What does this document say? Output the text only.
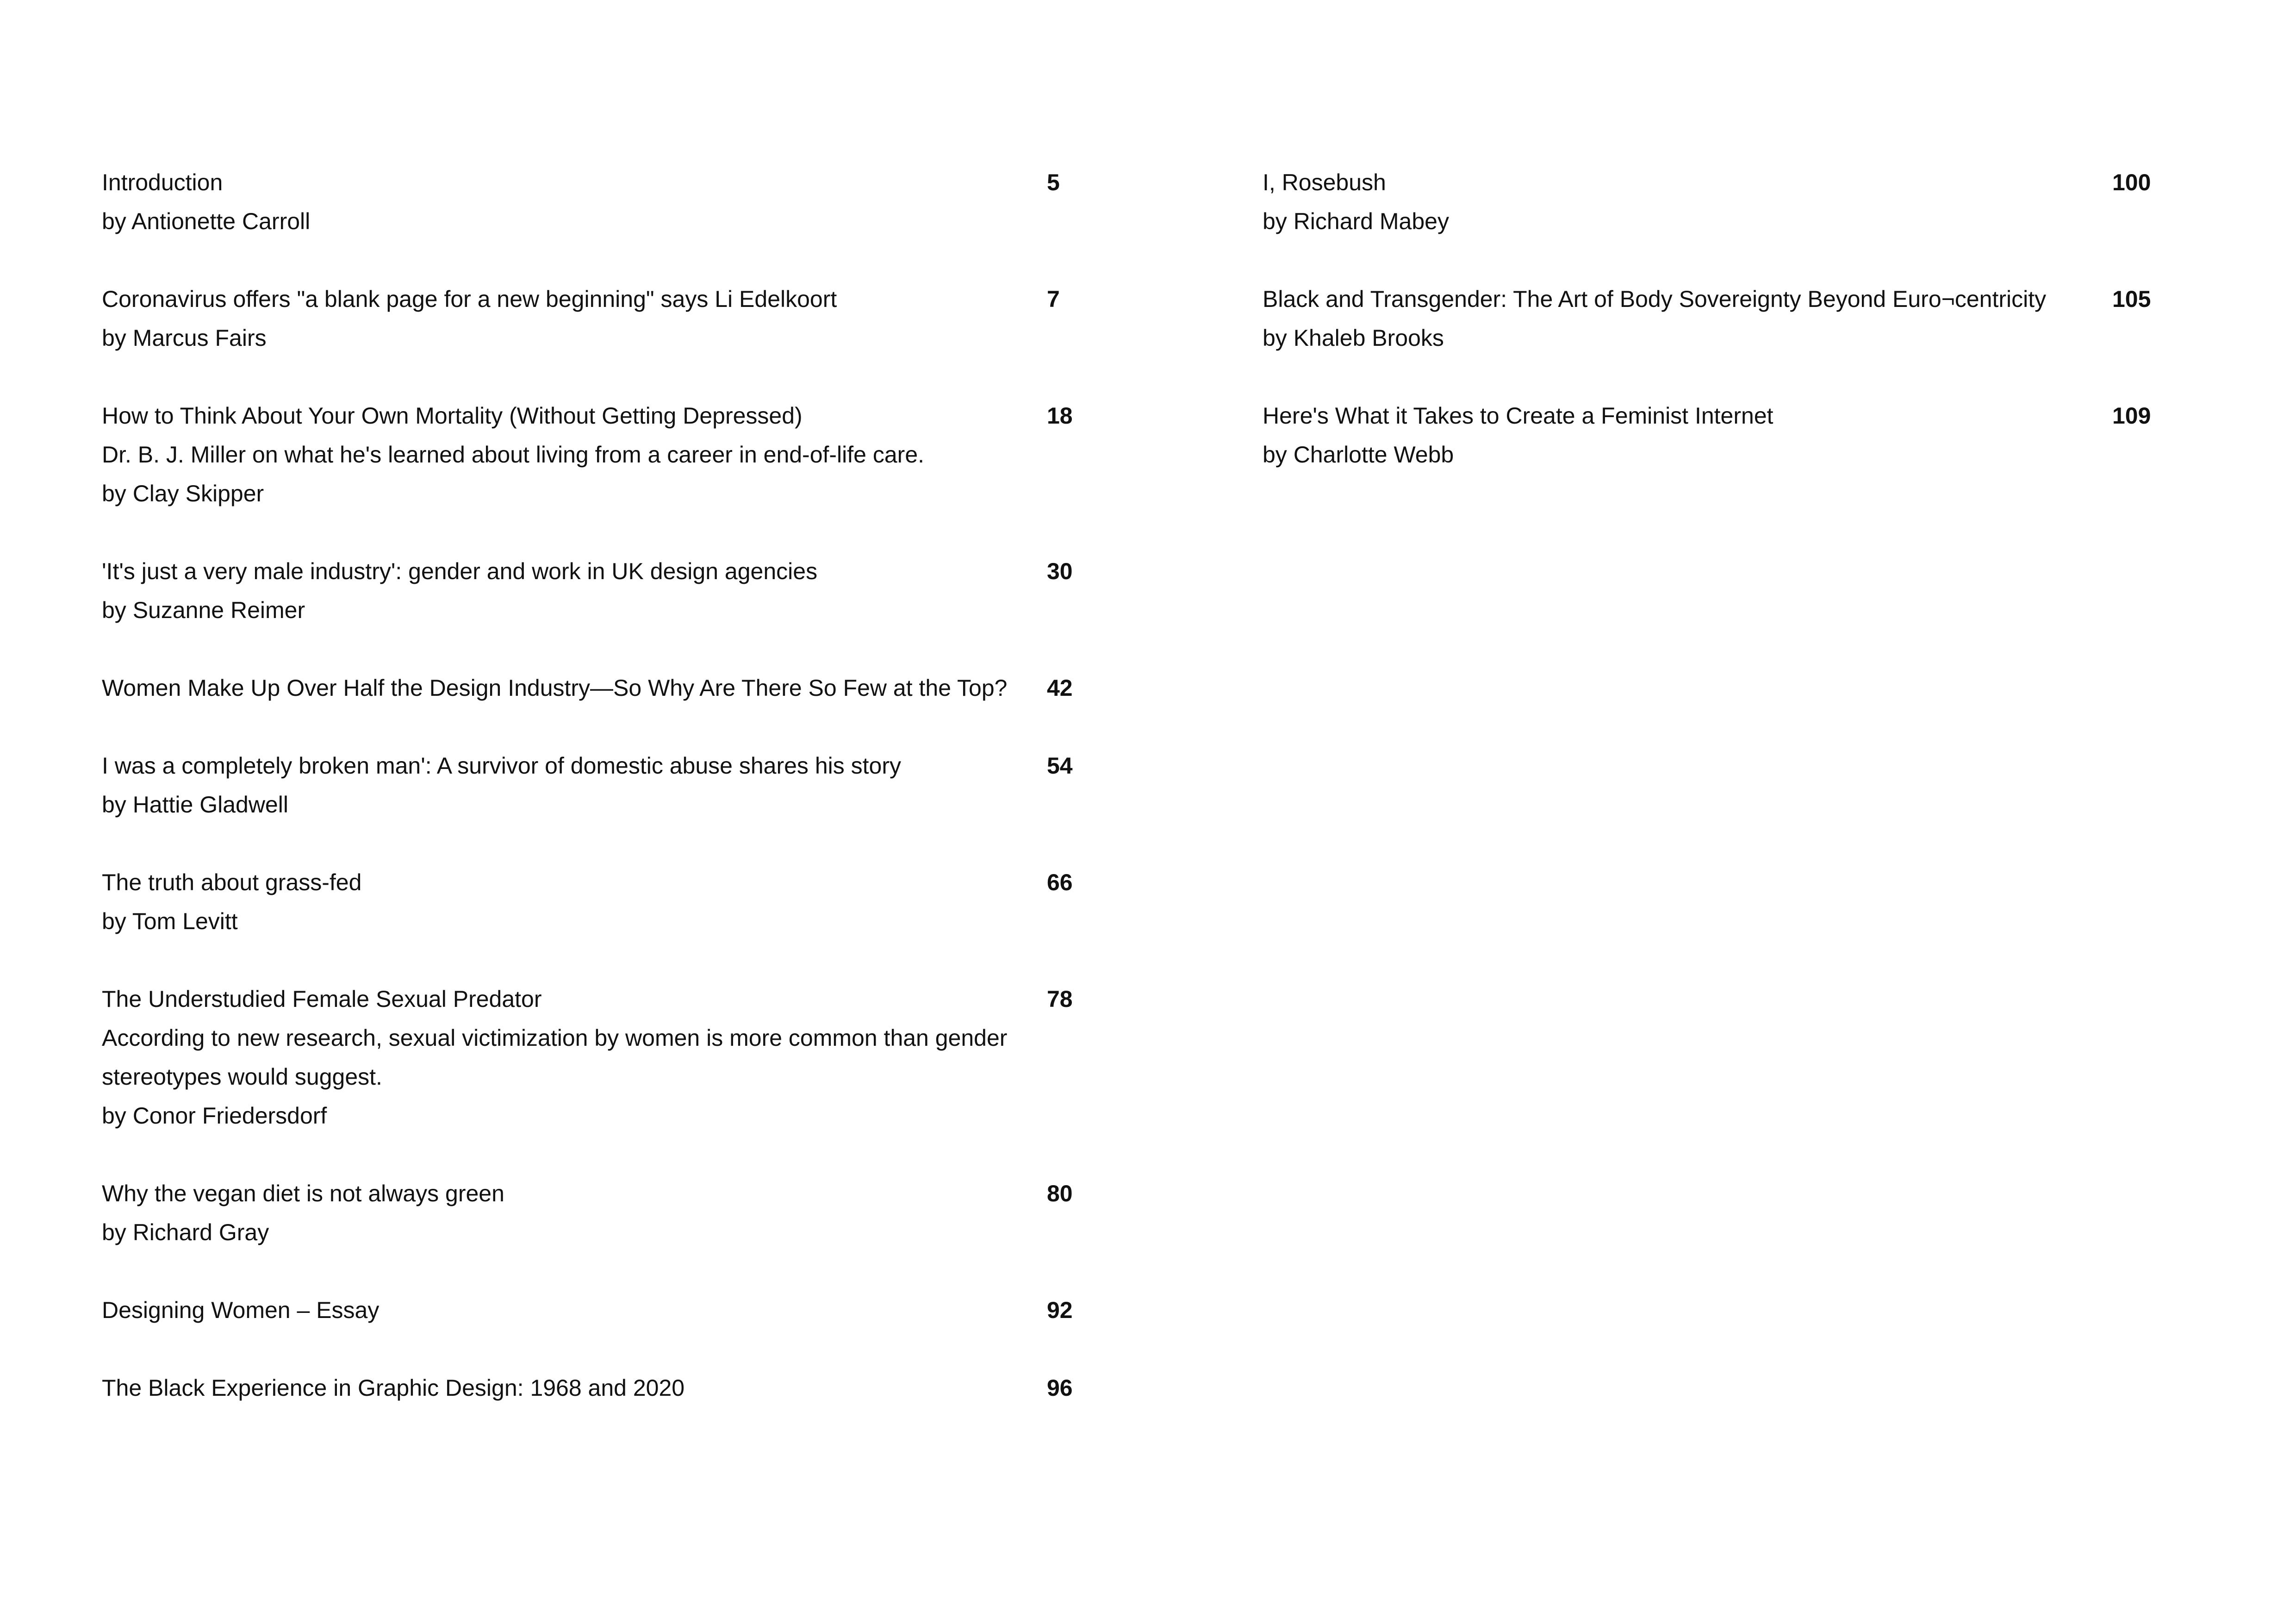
Introduction
by Antionette Carroll
5
Coronavirus offers "a blank page for a new beginning" says Li Edelkoort
by Marcus Fairs
7
How to Think About Your Own Mortality (Without Getting Depressed)
Dr. B. J. Miller on what he's learned about living from a career in end-of-life care.
by Clay Skipper
18
'It's just a very male industry': gender and work in UK design agencies
by Suzanne Reimer
30
Women Make Up Over Half the Design Industry—So Why Are There So Few at the Top? 42
I was a completely broken man': A survivor of domestic abuse shares his story
by Hattie Gladwell
54
The truth about grass-fed
by Tom Levitt
66
The Understudied Female Sexual Predator
According to new research, sexual victimization by women is more common than gender
stereotypes would suggest.
by Conor Friedersdorf
78
Why the vegan diet is not always green
by Richard Gray
80
Designing Women – Essay	92
The Black Experience in Graphic Design: 1968 and 2020	96
I, Rosebush
by Richard Mabey
100
Black and Transgender: The Art of Body Sovereignty Beyond Euro¬centricity
by Khaleb Brooks
105
Here's What it Takes to Create a Feminist Internet
by Charlotte Webb
109
